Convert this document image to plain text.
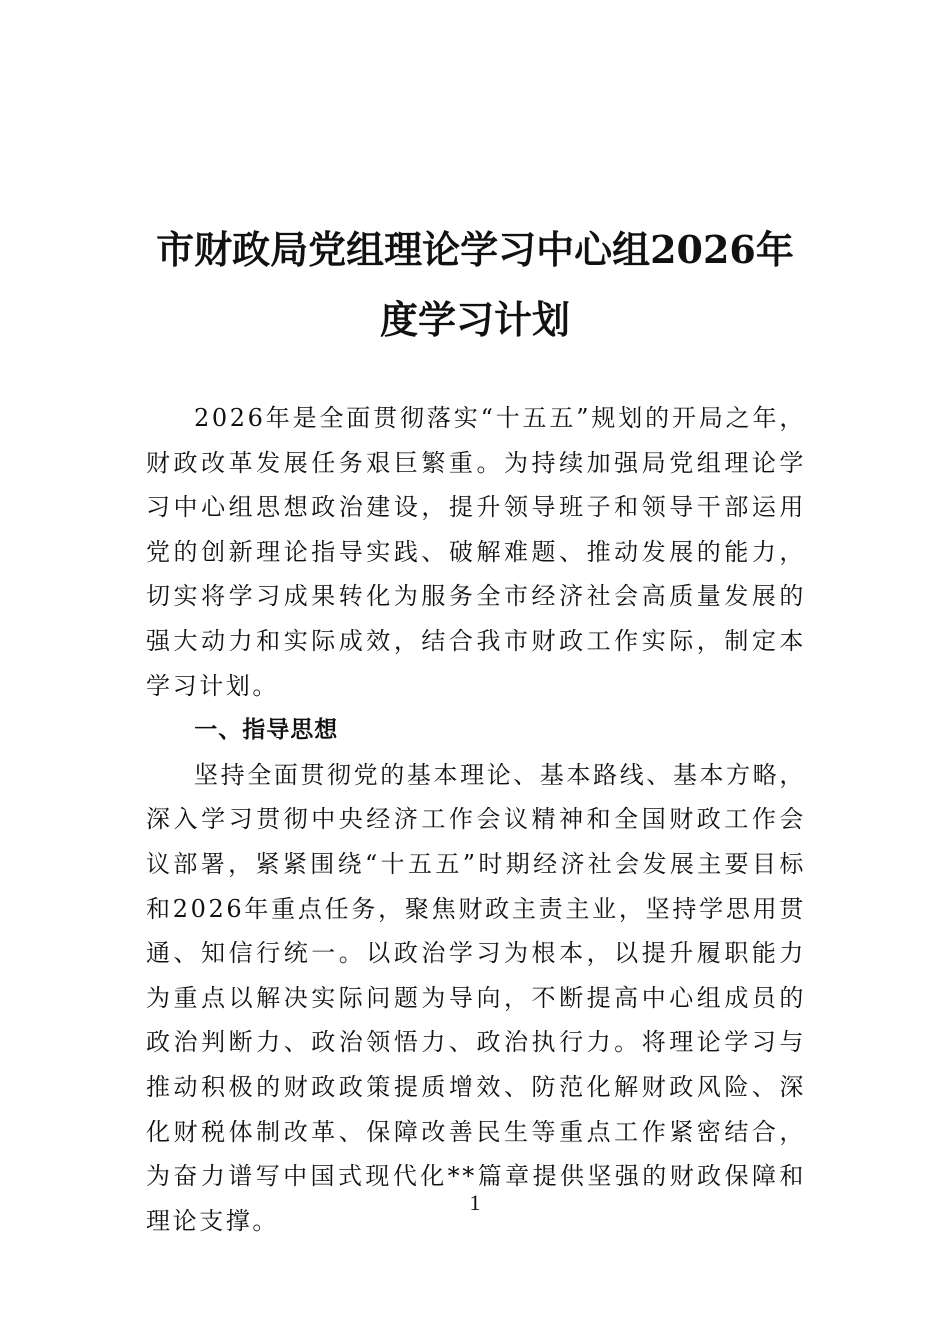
市财政局党组理论学习中心组2026年度学习计划

2026年是全面贯彻落实“十五五”规划的开局之年，财政改革发展任务艰巨繁重。为持续加强局党组理论学习中心组思想政治建设，提升领导班子和领导干部运用党的创新理论指导实践、破解难题、推动发展的能力，切实将学习成果转化为服务全市经济社会高质量发展的强大动力和实际成效，结合我市财政工作实际，制定本学习计划。

一、指导思想

坚持全面贯彻党的基本理论、基本路线、基本方略，深入学习贯彻中央经济工作会议精神和全国财政工作会议部署，紧紧围绕“十五五”时期经济社会发展主要目标和2026年重点任务，聚焦财政主责主业，坚持学思用贯通、知信行统一。以政治学习为根本，以提升履职能力为重点以解决实际问题为导向，不断提高中心组成员的政治判断力、政治领悟力、政治执行力。将理论学习与推动积极的财政政策提质增效、防范化解财政风险、深化财税体制改革、保障改善民生等重点工作紧密结合，为奋力谱写中国式现代化**篇章提供坚强的财政保障和理论支撑。

1
